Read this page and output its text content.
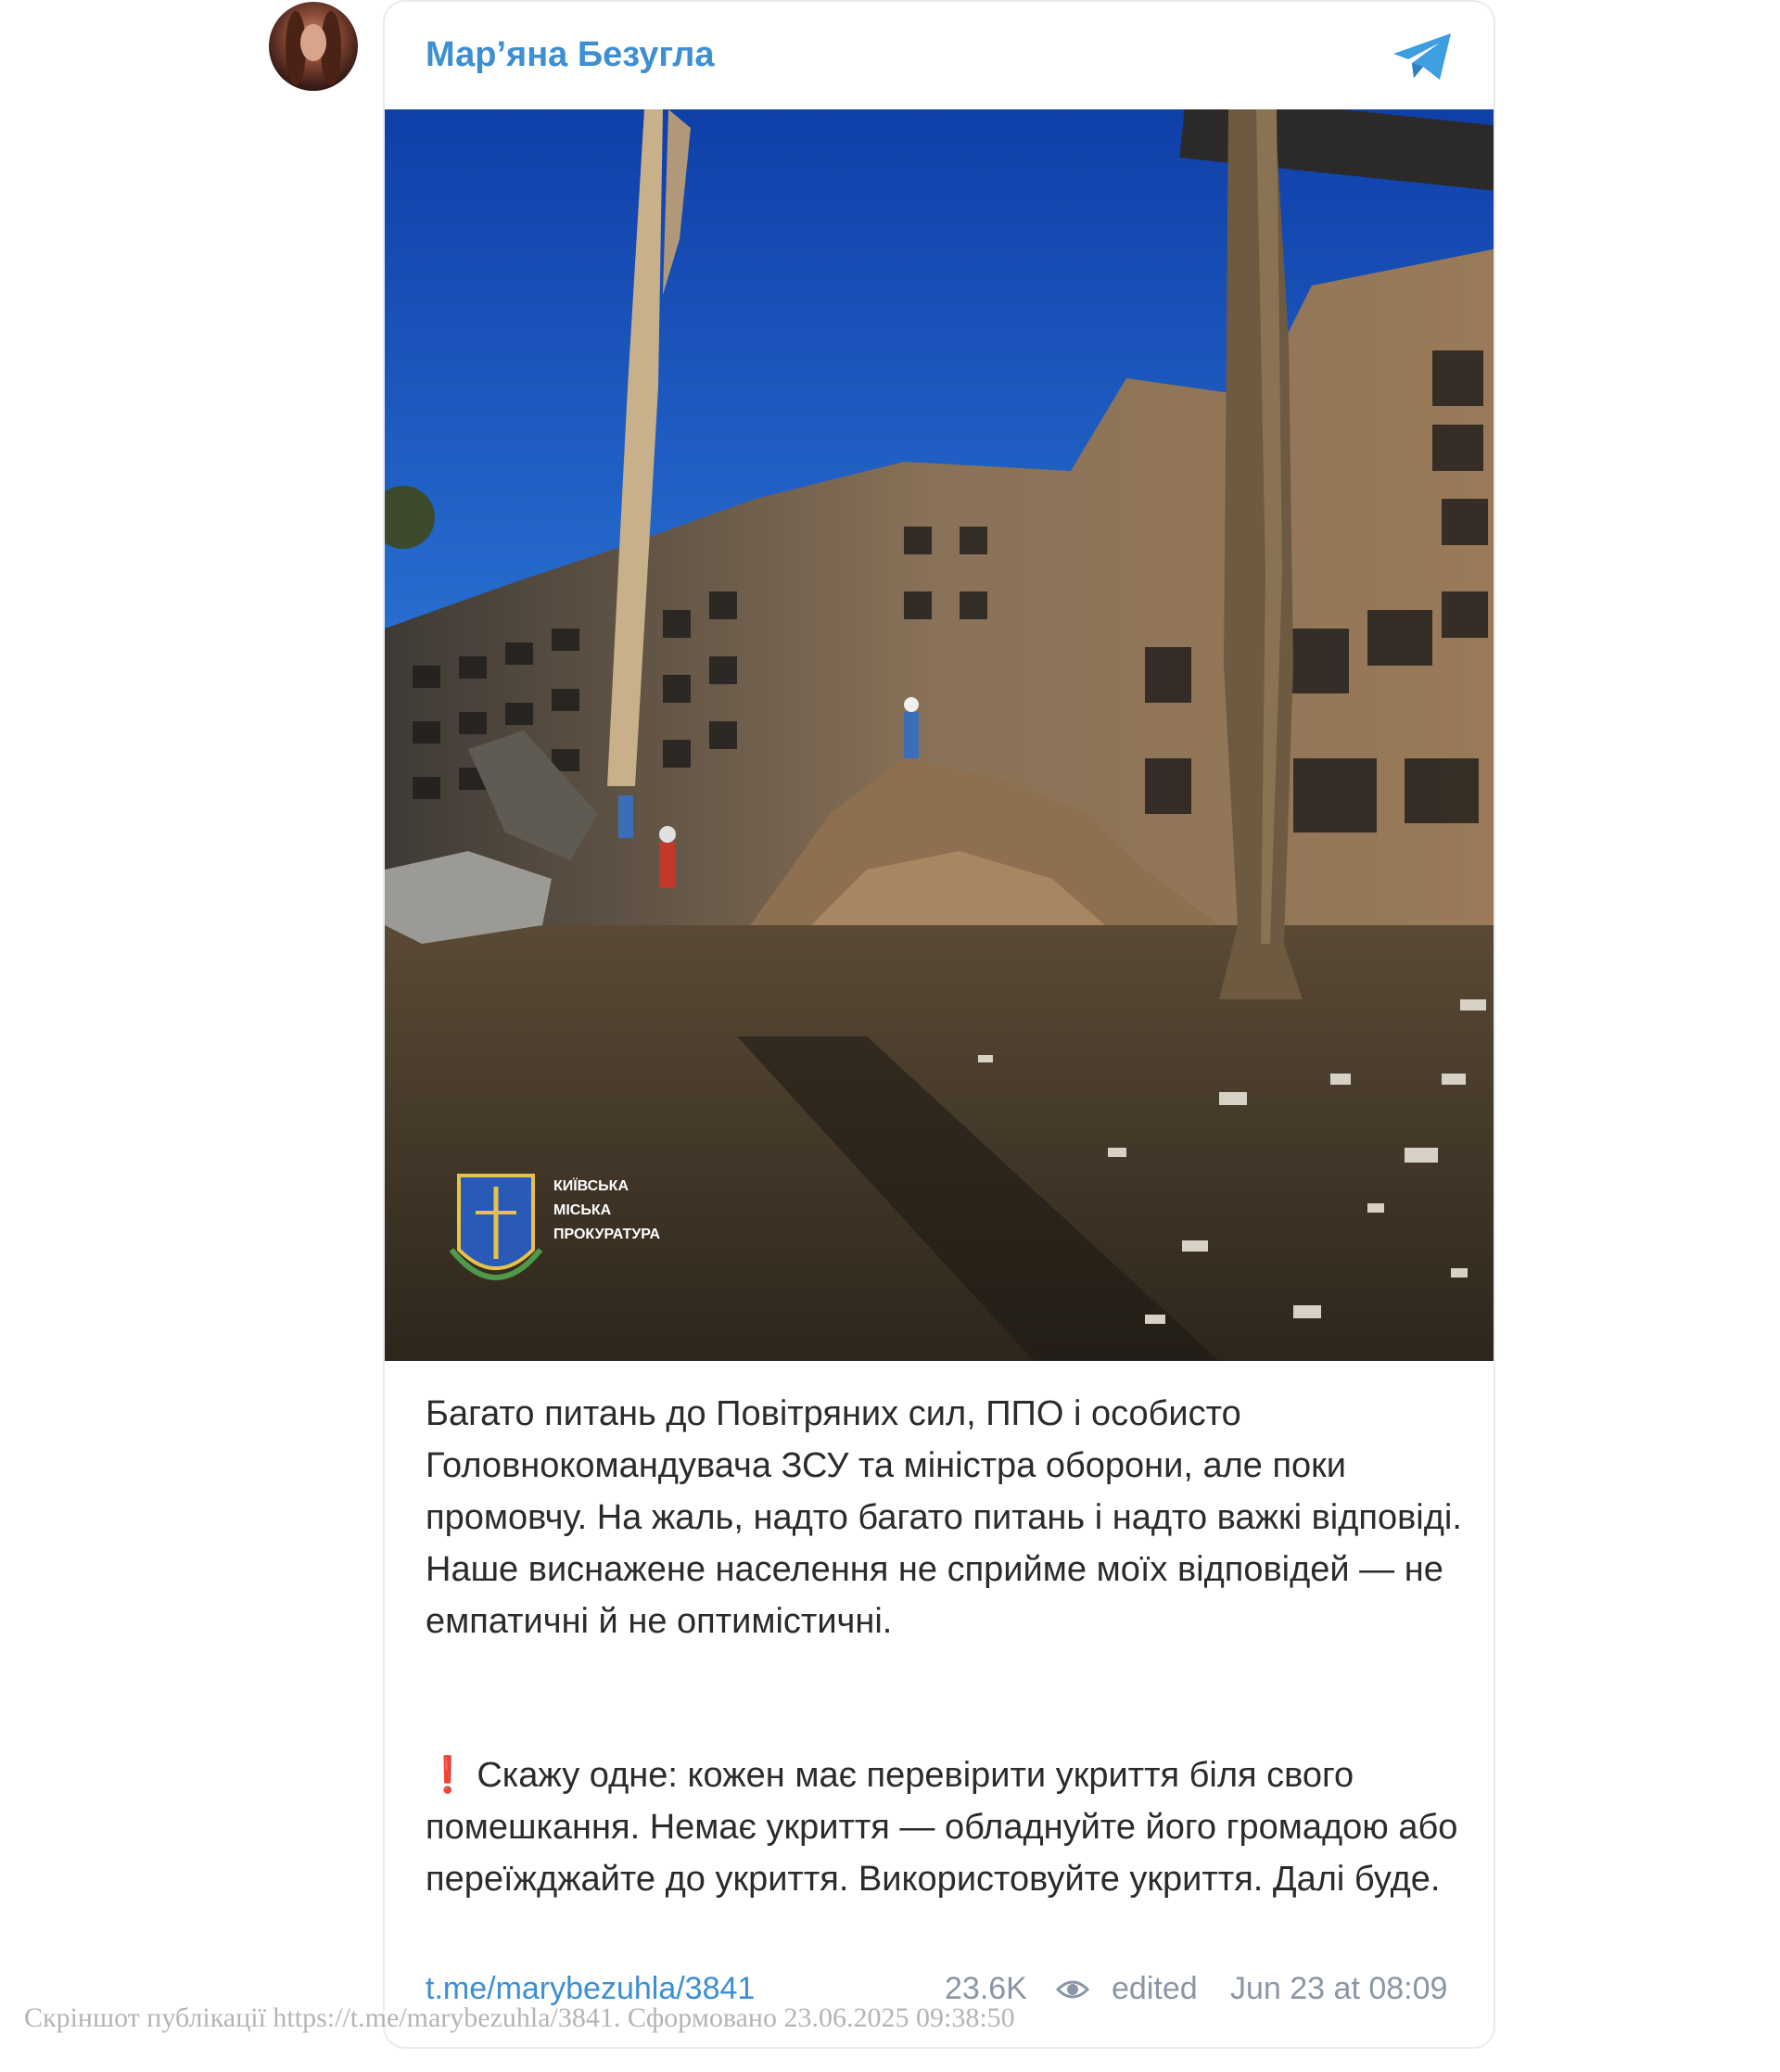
Мар’яна Безугла
КИЇВСЬКА
МІСЬКА
ПРОКУРАТУРА
Багато питань до Повітряних сил, ППО і особисто Головнокомандувача ЗСУ та міністра оборони, але поки промовчу. На жаль, надто багато питань і надто важкі відповіді. Наше виснажене населення не сприйме моїх відповідей — не емпатичні й не оптимістичні.
❗ Скажу одне: кожен має перевірити укриття біля свого помешкання. Немає укриття — обладнуйте його громадою або переїжджайте до укриття. Використовуйте укриття. Далі буде.
t.me/marybezuhla/3841	23.6K	edited Jun 23 at 08:09
Скріншот публікації https://t.me/marybezuhla/3841. Сформовано 23.06.2025 09:38:50
